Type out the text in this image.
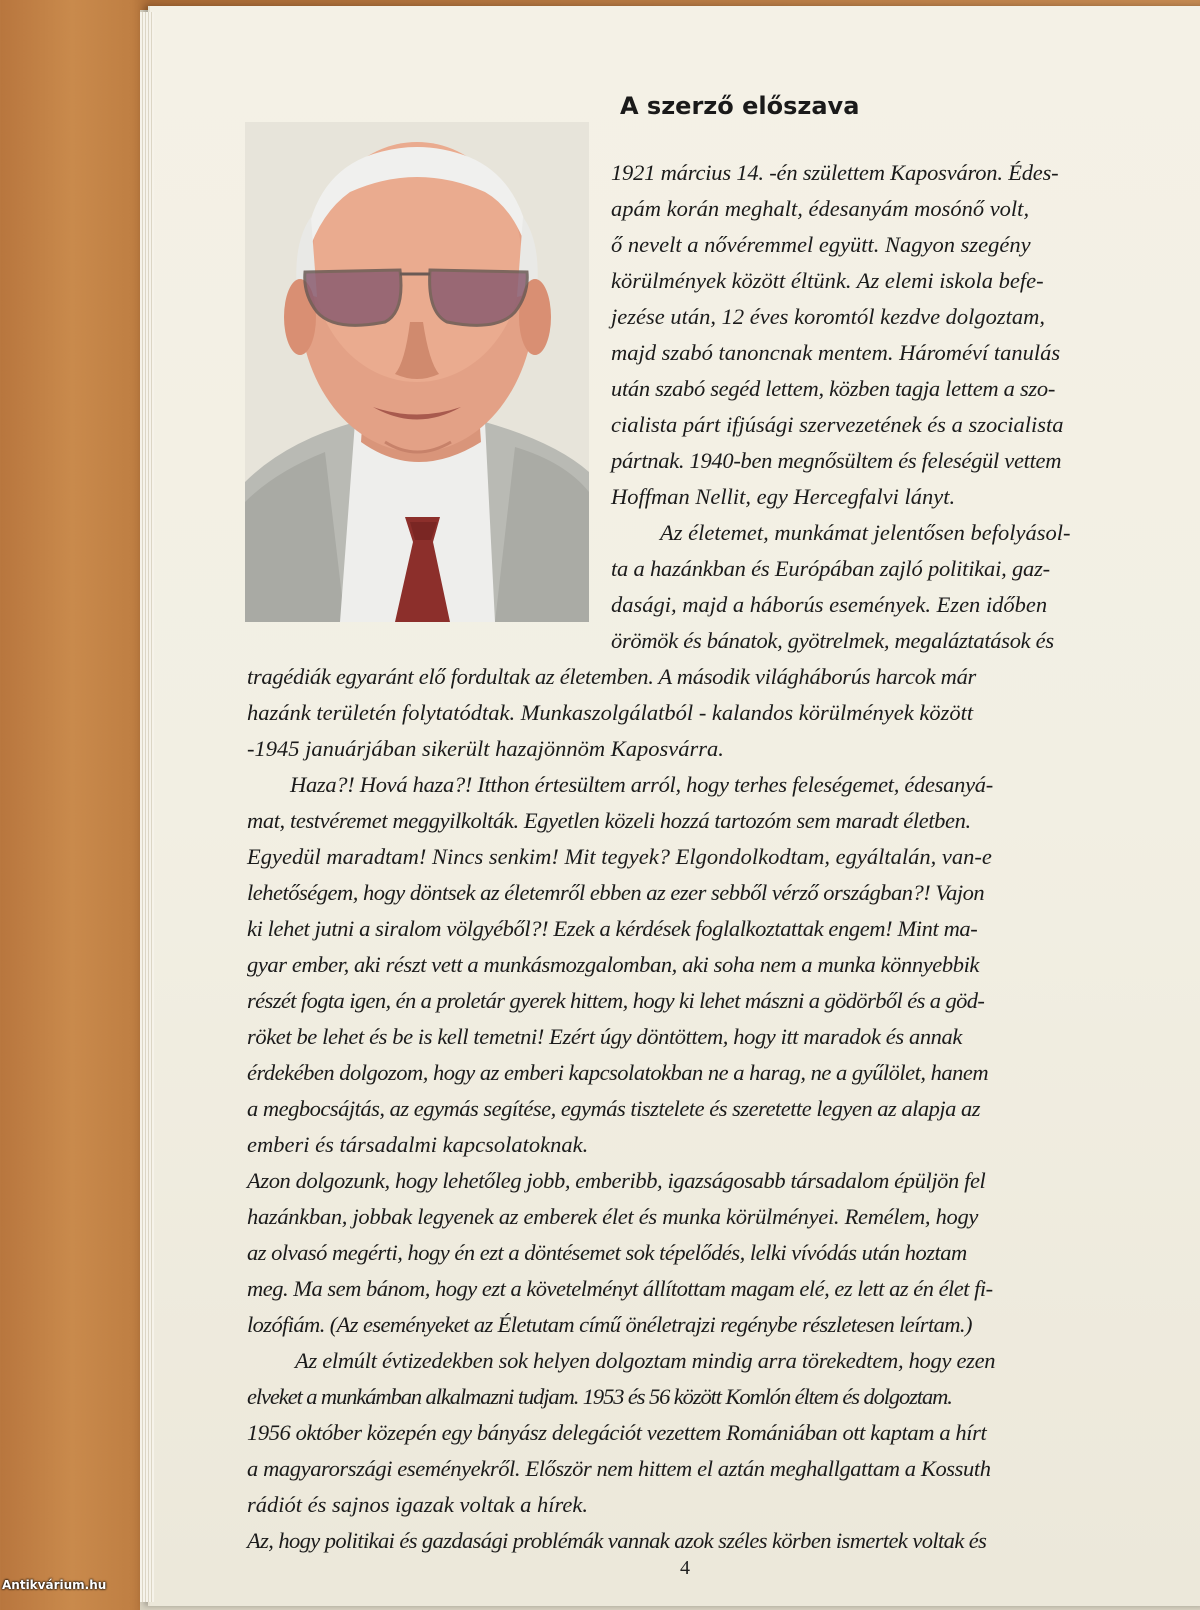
A szerző előszava

1921 március 14. -én születtem Kaposváron. Édes-

apám korán meghalt, édesanyám mosónő volt,

ő nevelt a nővéremmel együtt. Nagyon szegény

körülmények között éltünk. Az elemi iskola befe-

jezése után, 12 éves koromtól kezdve dolgoztam,

majd szabó tanoncnak mentem. Hároméví tanulás

után szabó segéd lettem, közben tagja lettem a szo-

cialista párt ifjúsági szervezetének és a szocialista

pártnak. 1940-ben megnősültem és feleségül vettem

Hoffman Nellit, egy Hercegfalvi lányt.

Az életemet, munkámat jelentősen befolyásol-

ta a hazánkban és Európában zajló politikai, gaz-

dasági, majd a háborús események. Ezen időben

örömök és bánatok, gyötrelmek, megaláztatások és

tragédiák egyaránt elő fordultak az életemben. A második világháborús harcok már

hazánk területén folytatódtak. Munkaszolgálatból - kalandos körülmények között

-1945 januárjában sikerült hazajönnöm Kaposvárra.

Haza?! Hová haza?! Itthon értesültem arról, hogy terhes feleségemet, édesanyá-

mat, testvéremet meggyilkolták. Egyetlen közeli hozzá tartozóm sem maradt életben.

Egyedül maradtam! Nincs senkim! Mit tegyek? Elgondolkodtam, egyáltalán, van-e

lehetőségem, hogy döntsek az életemről ebben az ezer sebből vérző országban?! Vajon

ki lehet jutni a siralom völgyéből?! Ezek a kérdések foglalkoztattak engem! Mint ma-

gyar ember, aki részt vett a munkásmozgalomban, aki soha nem a munka könnyebbik

részét fogta igen, én a proletár gyerek hittem, hogy ki lehet mászni a gödörből és a göd-

röket be lehet és be is kell temetni! Ezért úgy döntöttem, hogy itt maradok és annak

érdekében dolgozom, hogy az emberi kapcsolatokban ne a harag, ne a gyűlölet, hanem

a megbocsájtás, az egymás segítése, egymás tisztelete és szeretette legyen az alapja az

emberi és társadalmi kapcsolatoknak.

Azon dolgozunk, hogy lehetőleg jobb, emberibb, igazságosabb társadalom épüljön fel

hazánkban, jobbak legyenek az emberek élet és munka körülményei. Remélem, hogy

az olvasó megérti, hogy én ezt a döntésemet sok tépelődés, lelki vívódás után hoztam

meg. Ma sem bánom, hogy ezt a követelményt állítottam magam elé, ez lett az én élet fi-

lozófiám. (Az eseményeket az Életutam című önéletrajzi regénybe részletesen leírtam.)

Az elmúlt évtizedekben sok helyen dolgoztam mindig arra törekedtem, hogy ezen

elveket a munkámban alkalmazni tudjam. 1953 és 56 között Komlón éltem és dolgoztam.

1956 október közepén egy bányász delegációt vezettem Romániában ott kaptam a hírt

a magyarországi eseményekről. Először nem hittem el aztán meghallgattam a Kossuth

rádiót és sajnos igazak voltak a hírek.

Az, hogy politikai és gazdasági problémák vannak azok széles körben ismertek voltak és

4

Antikvárium.hu
